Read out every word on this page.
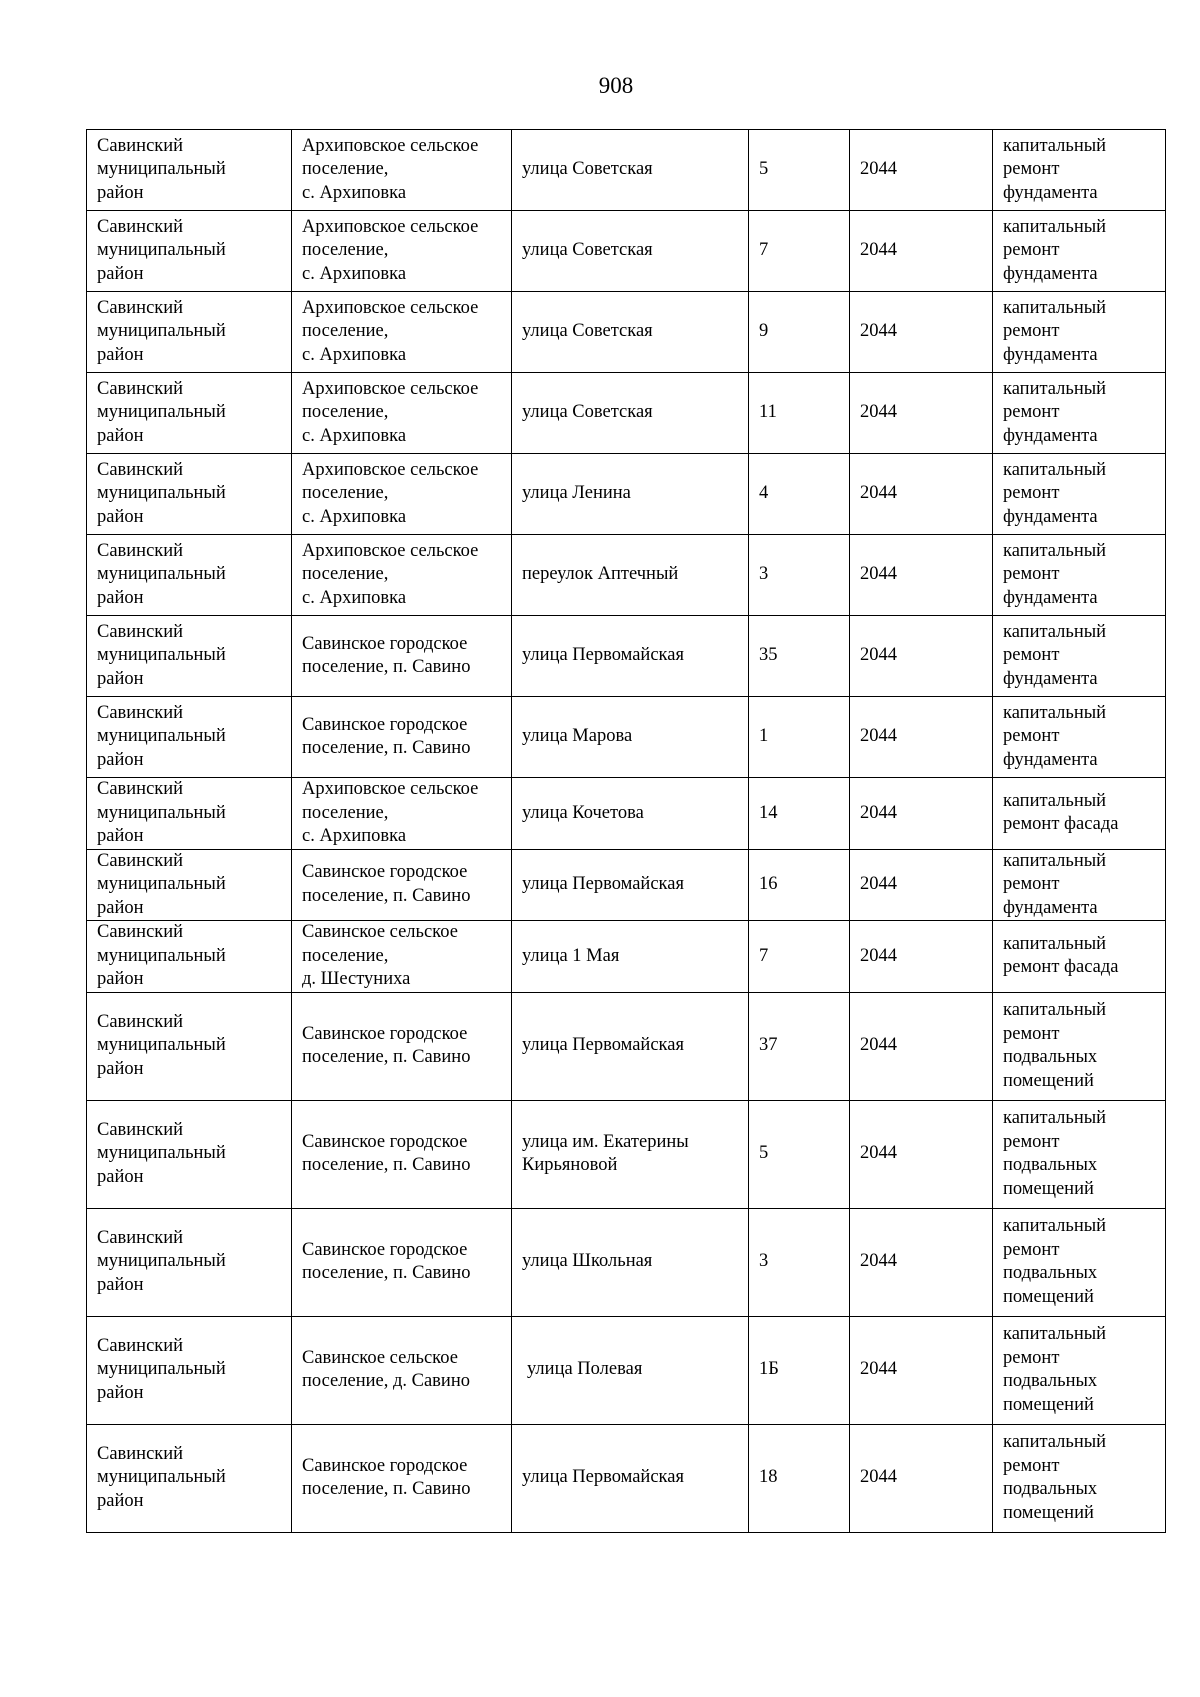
908
Савинский
муниципальный
район	Архиповское сельское
поселение,
с. Архиповка	улица Советская	5	2044	капитальный
ремонт
фундамента

Савинский
муниципальный
район	Архиповское сельское
поселение,
с. Архиповка	улица Советская	7	2044	капитальный
ремонт
фундамента

Савинский
муниципальный
район	Архиповское сельское
поселение,
с. Архиповка	улица Советская	9	2044	капитальный
ремонт
фундамента

Савинский
муниципальный
район	Архиповское сельское
поселение,
с. Архиповка	улица Советская	11	2044	капитальный
ремонт
фундамента

Савинский
муниципальный
район	Архиповское сельское
поселение,
с. Архиповка	улица Ленина	4	2044	капитальный
ремонт
фундамента

Савинский
муниципальный
район	Архиповское сельское
поселение,
с. Архиповка	переулок Аптечный	3	2044	капитальный
ремонт
фундамента

Савинский
муниципальный
район	Савинское городское
поселение, п. Савино	улица Первомайская	35	2044	капитальный
ремонт
фундамента

Савинский
муниципальный
район	Савинское городское
поселение, п. Савино	улица Марова	1	2044	капитальный
ремонт
фундамента

Савинский
муниципальный
район	Архиповское сельское
поселение,
с. Архиповка	улица Кочетова	14	2044	капитальный
ремонт фасада

Савинский
муниципальный
район	Савинское городское
поселение, п. Савино	улица Первомайская	16	2044	капитальный
ремонт
фундамента

Савинский
муниципальный
район	Савинское сельское
поселение,
д. Шестуниха	улица 1 Мая	7	2044	капитальный
ремонт фасада

Савинский
муниципальный
район	Савинское городское
поселение, п. Савино	улица Первомайская	37	2044	капитальный
ремонт
подвальных
помещений

Савинский
муниципальный
район	Савинское городское
поселение, п. Савино	улица им. Екатерины
Кирьяновой	5	2044	капитальный
ремонт
подвальных
помещений

Савинский
муниципальный
район	Савинское городское
поселение, п. Савино	улица Школьная	3	2044	капитальный
ремонт
подвальных
помещений

Савинский
муниципальный
район	Савинское сельское
поселение, д. Савино	улица Полевая	1Б	2044	капитальный
ремонт
подвальных
помещений

Савинский
муниципальный
район	Савинское городское
поселение, п. Савино	улица Первомайская	18	2044	капитальный
ремонт
подвальных
помещений
